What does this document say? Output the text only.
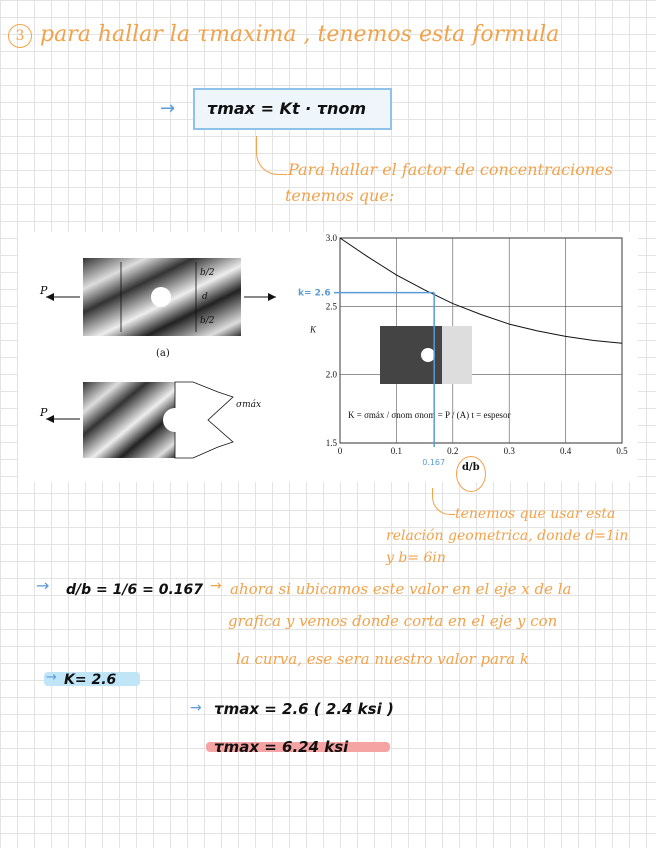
3 para hallar la τmaxima , tenemos esta formula
→ τmax = Kt · τnom
Para hallar el factor de concentraciones
tenemos que:
P
P
b/2
d
b/2
(a)
σmáx
0	0.1	0.2	0.3	0.4	0.5
1.5
2.0
2.5
3.0
K
K = σmáx / σnom σnom = P / (A) t = espesor
k= 2.6
0.167 d/b
tenemos que usar esta
relación geometrica, donde d=1in
y b= 6in
→ d/b = 1/6 = 0.167 → ahora si ubicamos este valor en el eje x de la
grafica y vemos donde corta en el eje y con
la curva, ese sera nuestro valor para k
→ K= 2.6
→ τmax = 2.6 ( 2.4 ksi )
τmax = 6.24 ksi
